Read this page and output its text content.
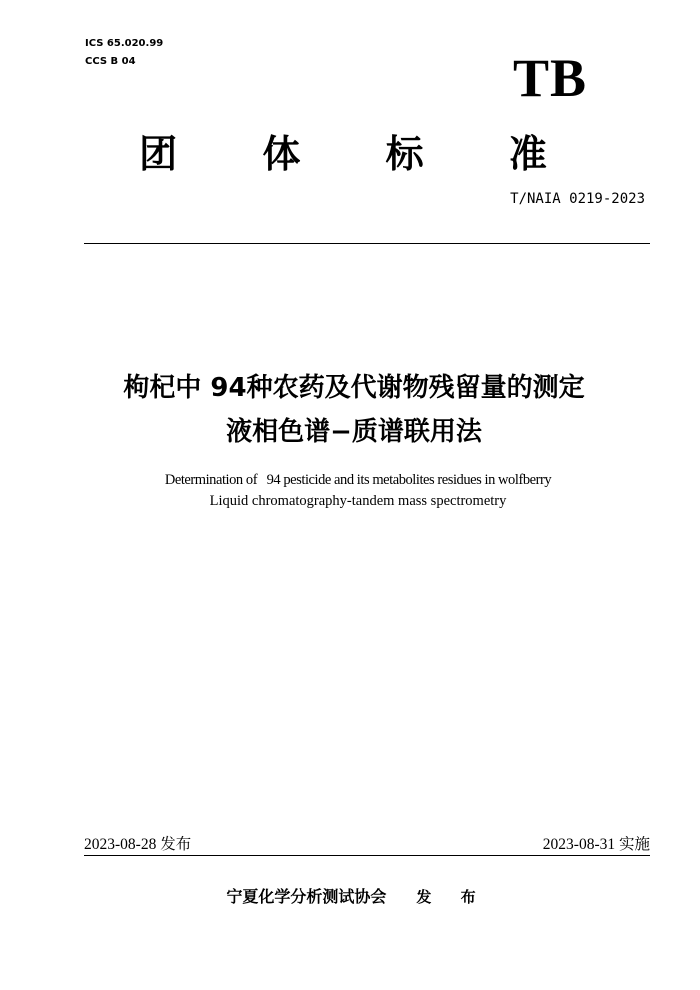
ICS 65.020.99
CCS B 04	TB
团 体 标 准
T/NAIA 0219-2023
枸杞中 94种农药及代谢物残留量的测定
液相色谱−质谱联用法
Determination of   94 pesticide and its metabolites residues in wolfberry
Liquid chromatography-tandem mass spectrometry
2023-08-28 发布	2023-08-31 实施
宁夏化学分析测试协会 发 布
